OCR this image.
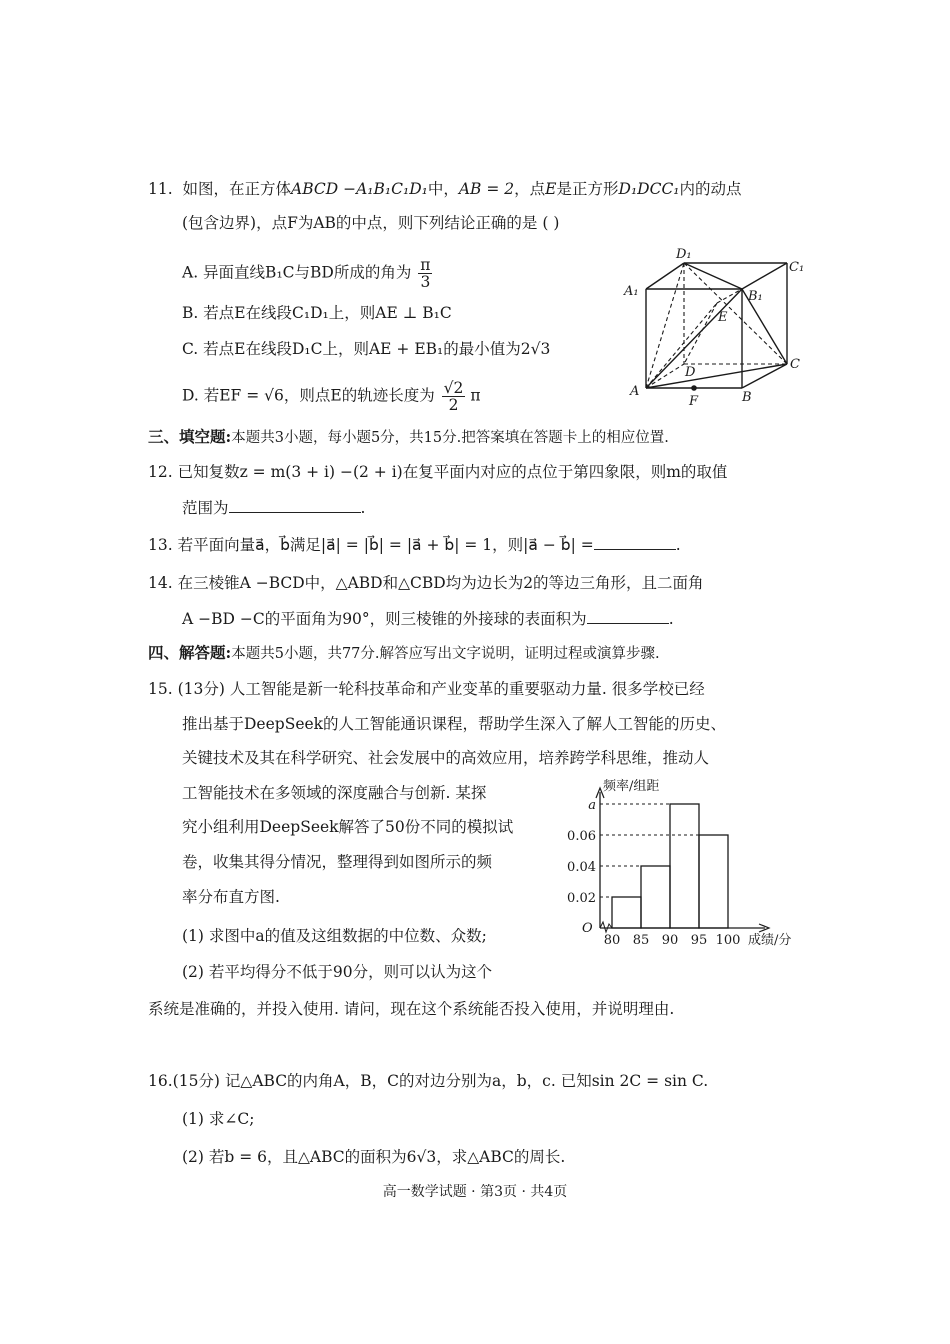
11. 如图，在正方体ABCD −A₁B₁C₁D₁中，AB = 2，点E是正方形D₁DCC₁内的动点
(包含边界)，点F为AB的中点，则下列结论正确的是 ( )
A. 异面直线B₁C与BD所成的角为 $\frac{\pi}{3}$
B. 若点E在线段C₁D₁上，则AE ⊥ B₁C
C. 若点E在线段D₁C上，则AE + EB₁的最小值为2√3
D. 若EF = √6，则点E的轨迹长度为 $\frac{√2}{2}$ π
D₁
C₁
A₁	B₁
E
D
C
A
F	B
三、填空题:本题共3小题，每小题5分，共15分.把答案填在答题卡上的相应位置.
12. 已知复数z = m(3 + i) −(2 + i)在复平面内对应的点位于第四象限，则m的取值
范围为	.
13. 若平面向量a⃗，b⃗满足|a⃗| = |b⃗| = |a⃗ + b⃗| = 1，则|a⃗ − b⃗| =	.
14. 在三棱锥A −BCD中，△ABD和△CBD均为边长为2的等边三角形，且二面角
A −BD −C的平面角为90°，则三棱锥的外接球的表面积为	.
四、解答题:本题共5小题，共77分.解答应写出文字说明，证明过程或演算步骤.
15. (13分) 人工智能是新一轮科技革命和产业变革的重要驱动力量. 很多学校已经
推出基于DeepSeek的人工智能通识课程，帮助学生深入了解人工智能的历史、
关键技术及其在科学研究、社会发展中的高效应用，培养跨学科思维，推动人
工智能技术在多领域的深度融合与创新. 某探
究小组利用DeepSeek解答了50份不同的模拟试
卷，收集其得分情况，整理得到如图所示的频
率分布直方图.
(1) 求图中a的值及这组数据的中位数、众数;
(2) 若平均得分不低于90分，则可以认为这个
系统是准确的，并投入使用. 请问，现在这个系统能否投入使用，并说明理由.
0.02
0.04
0.06
a
80 85 90 95 100
O
频率/组距
成绩/分
16.(15分) 记△ABC的内角A，B，C的对边分别为a，b，c. 已知sin 2C = sin C.
(1) 求∠C;
(2) 若b = 6，且△ABC的面积为6√3，求△ABC的周长.
高一数学试题 · 第3页 · 共4页
